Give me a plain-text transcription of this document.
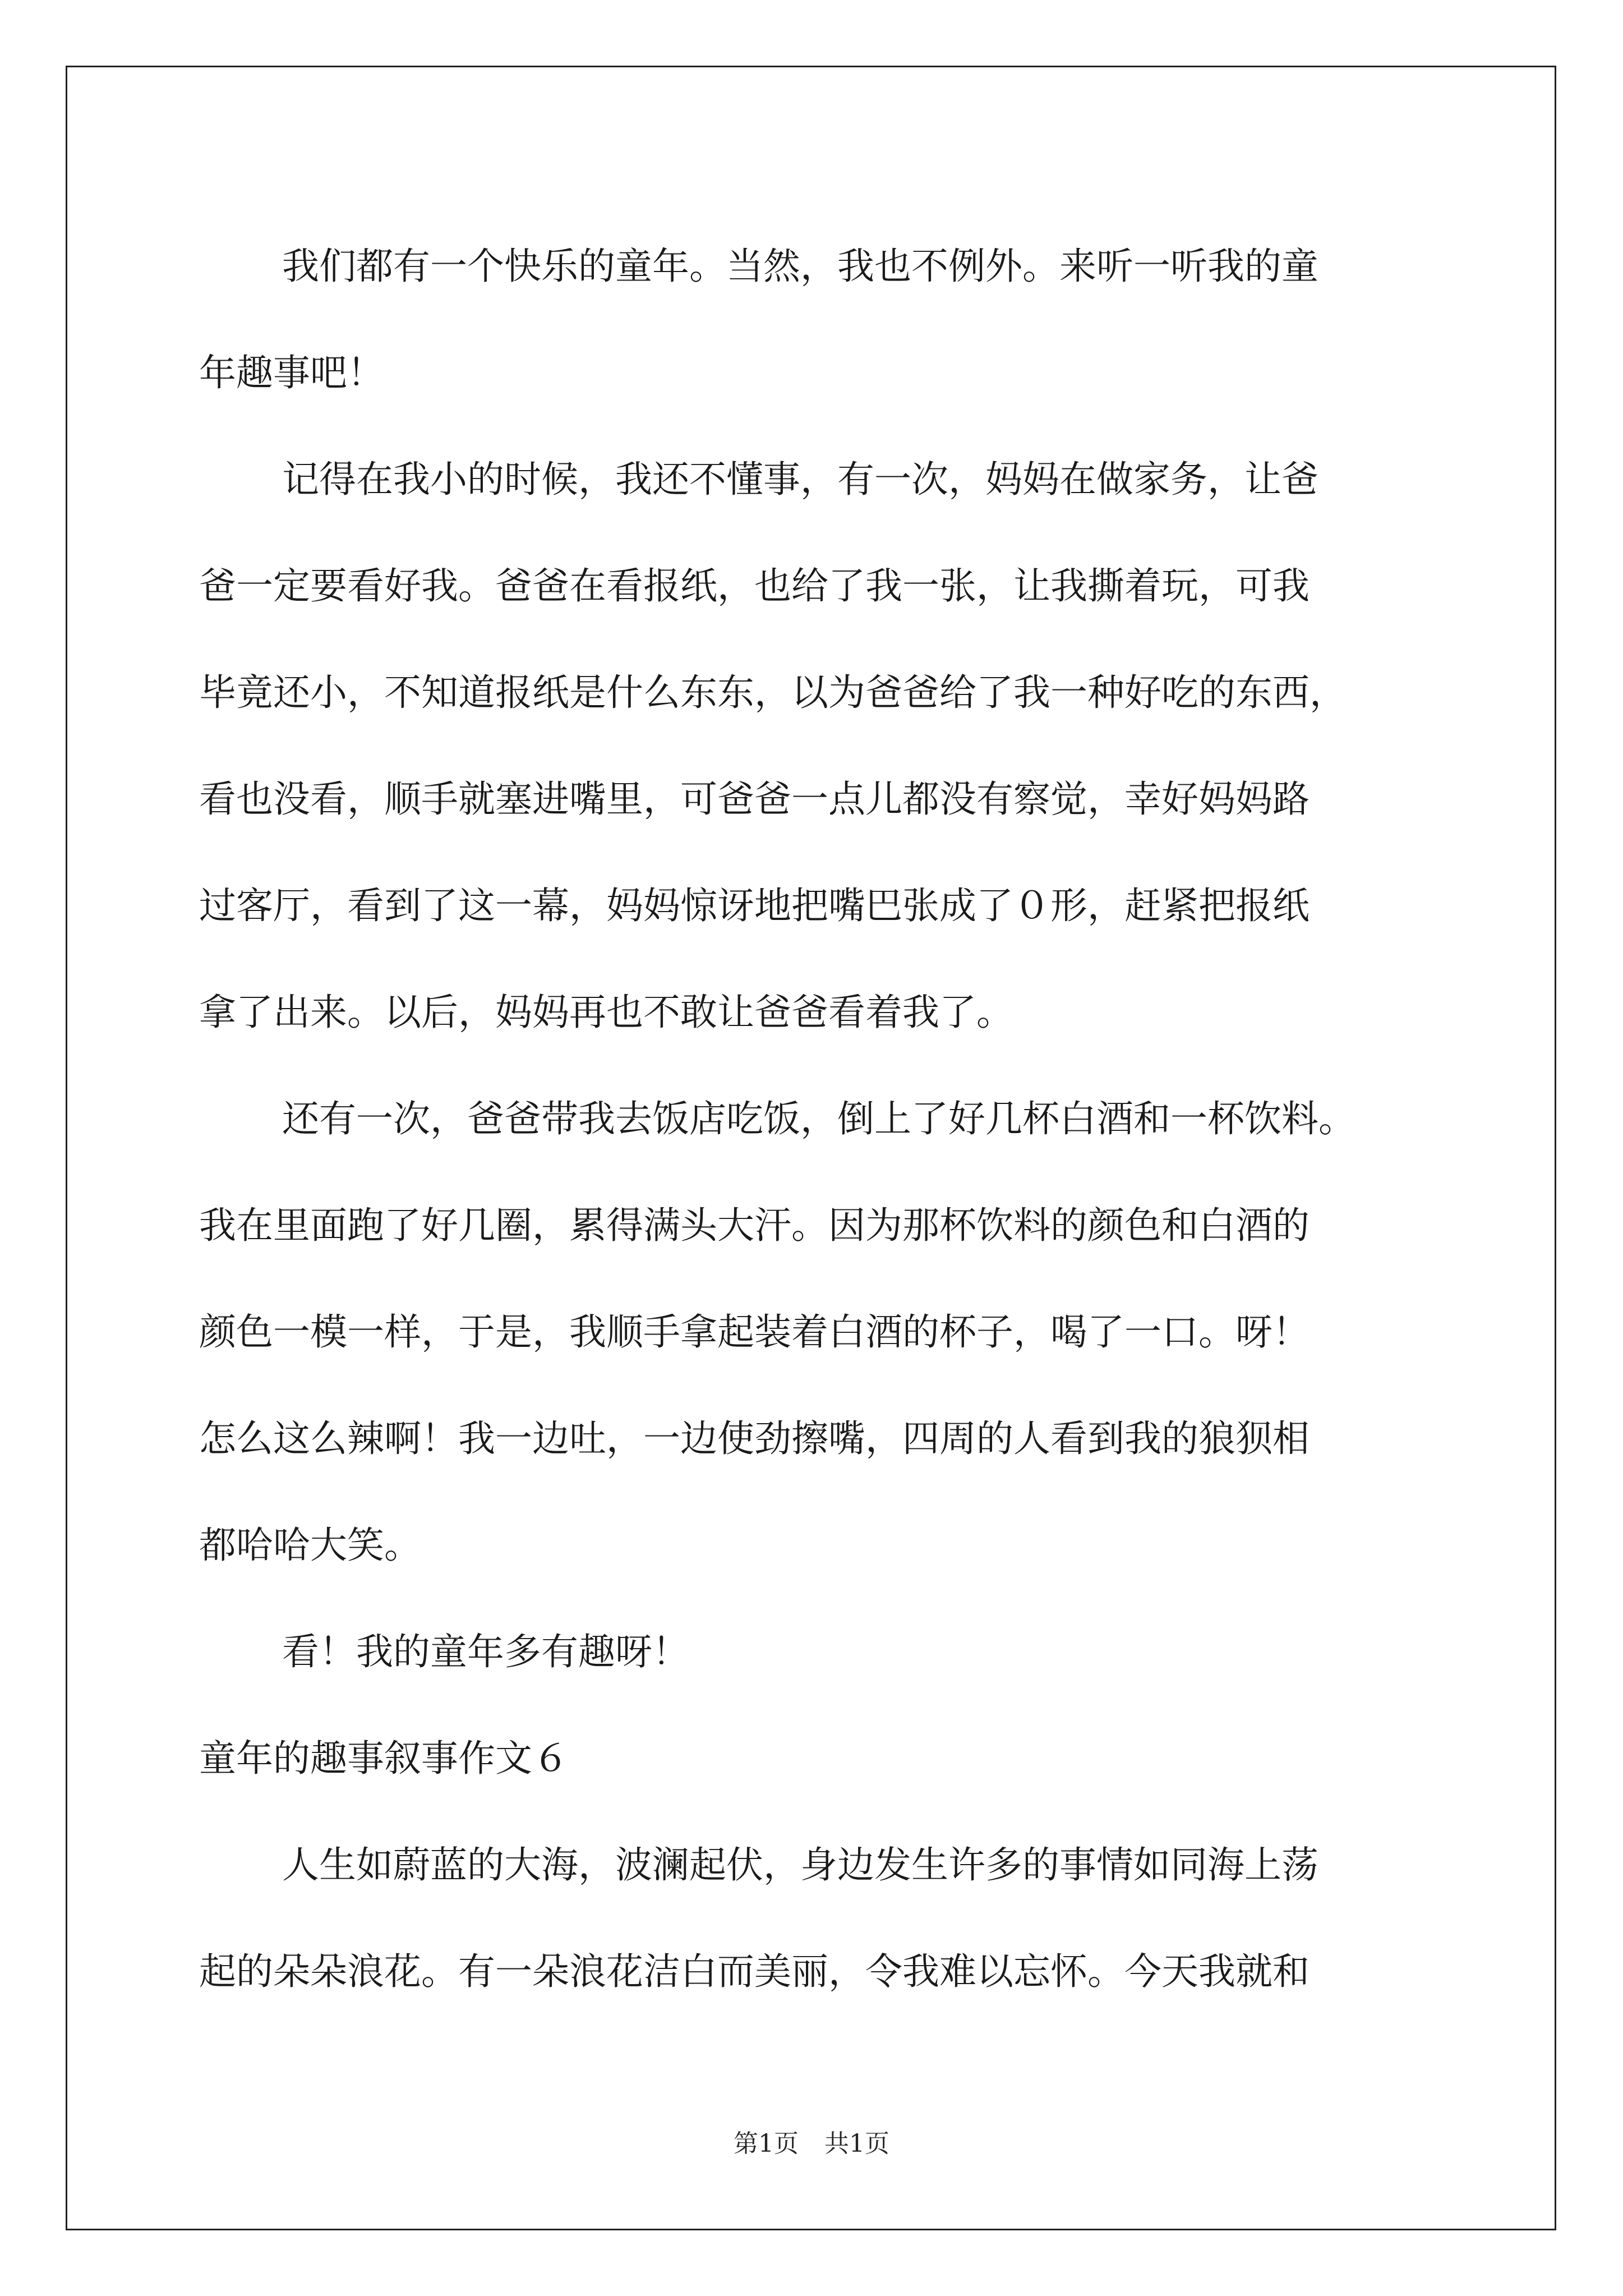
我们都有一个快乐的童年。当然，我也不例外。来听一听我的童
年趣事吧！
记得在我小的时候，我还不懂事，有一次，妈妈在做家务，让爸
爸一定要看好我。爸爸在看报纸，也给了我一张，让我撕着玩，可我
毕竟还小，不知道报纸是什么东东，以为爸爸给了我一种好吃的东西，
看也没看，顺手就塞进嘴里，可爸爸一点儿都没有察觉，幸好妈妈路
过客厅，看到了这一幕，妈妈惊讶地把嘴巴张成了０形，赶紧把报纸
拿了出来。以后，妈妈再也不敢让爸爸看着我了。
还有一次，爸爸带我去饭店吃饭，倒上了好几杯白酒和一杯饮料。
我在里面跑了好几圈，累得满头大汗。因为那杯饮料的颜色和白酒的
颜色一模一样，于是，我顺手拿起装着白酒的杯子，喝了一口。呀！
怎么这么辣啊！我一边吐，一边使劲擦嘴，四周的人看到我的狼狈相
都哈哈大笑。
看！我的童年多有趣呀！
童年的趣事叙事作文６
人生如蔚蓝的大海，波澜起伏，身边发生许多的事情如同海上荡
起的朵朵浪花。有一朵浪花洁白而美丽，令我难以忘怀。今天我就和
第1页 共1页
